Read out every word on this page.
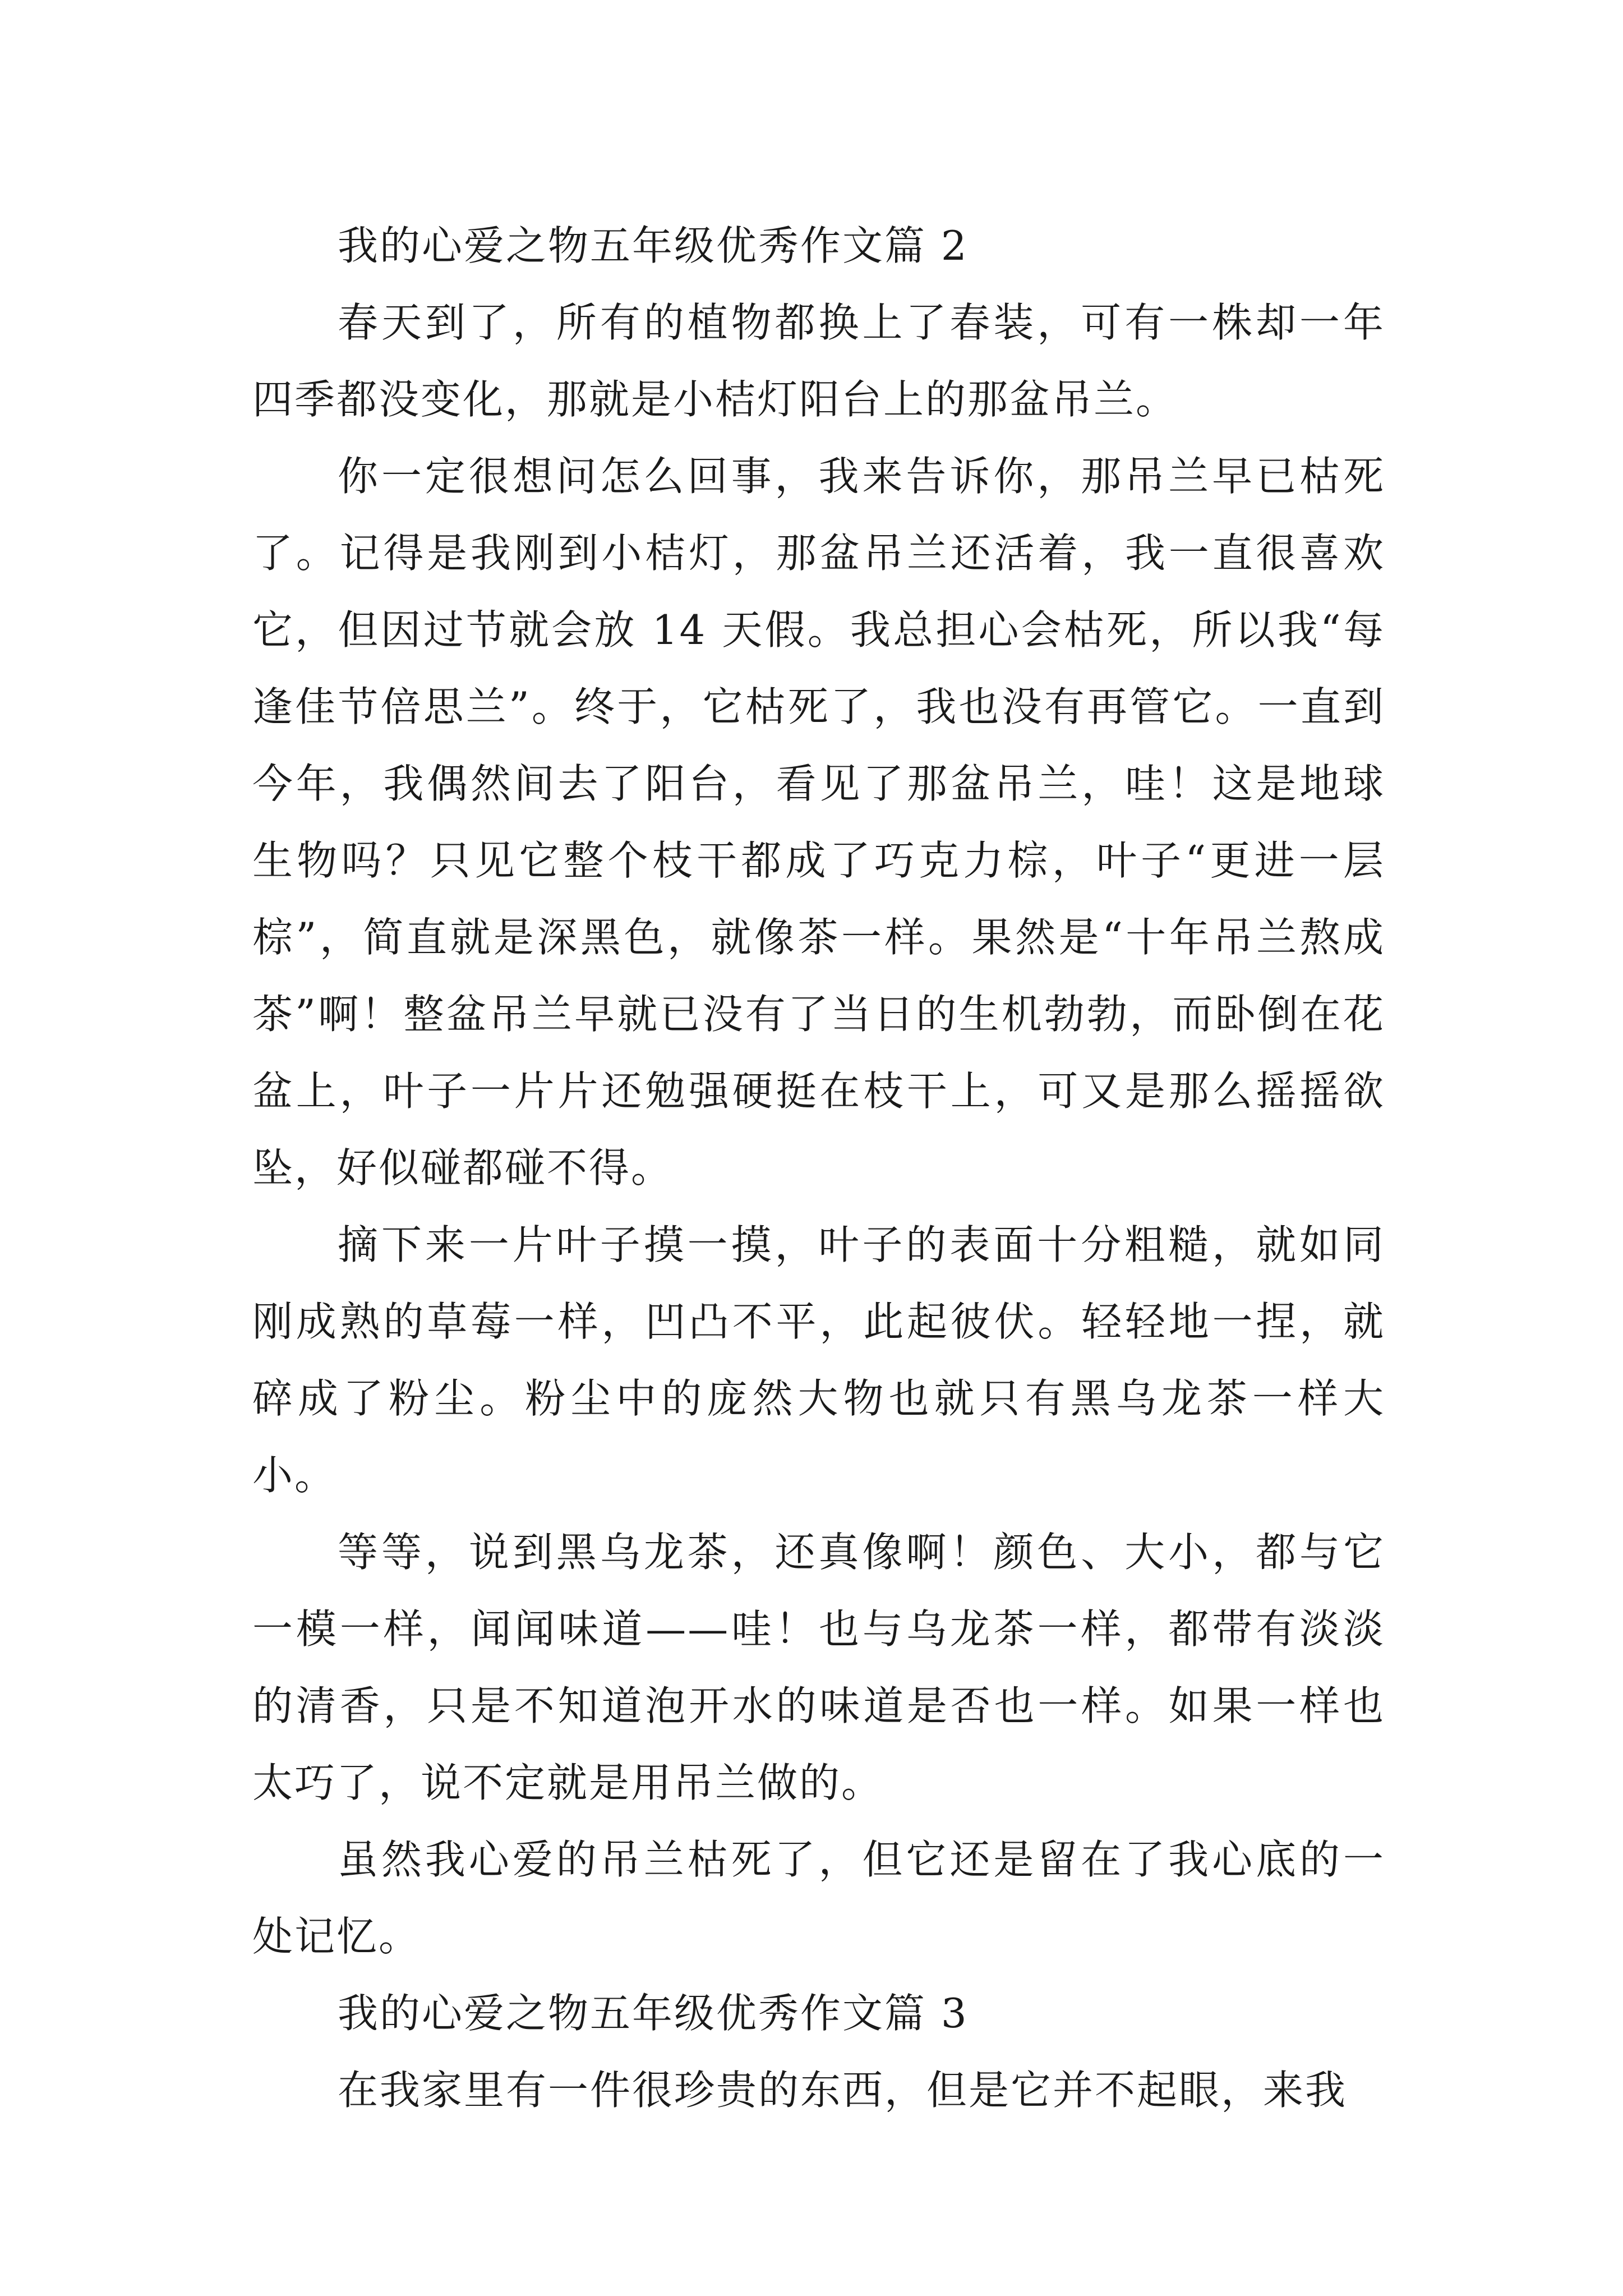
我的心爱之物五年级优秀作文篇 2

春天到了，所有的植物都换上了春装，可有一株却一年四季都没变化，那就是小桔灯阳台上的那盆吊兰。

你一定很想问怎么回事，我来告诉你，那吊兰早已枯死了。记得是我刚到小桔灯，那盆吊兰还活着，我一直很喜欢它，但因过节就会放 14 天假。我总担心会枯死，所以我“每逢佳节倍思兰”。终于，它枯死了，我也没有再管它。一直到今年，我偶然间去了阳台，看见了那盆吊兰，哇！这是地球生物吗？只见它整个枝干都成了巧克力棕，叶子“更进一层棕”，简直就是深黑色，就像茶一样。果然是“十年吊兰熬成茶”啊！整盆吊兰早就已没有了当日的生机勃勃，而卧倒在花盆上，叶子一片片还勉强硬挺在枝干上，可又是那么摇摇欲坠，好似碰都碰不得。

摘下来一片叶子摸一摸，叶子的表面十分粗糙，就如同刚成熟的草莓一样，凹凸不平，此起彼伏。轻轻地一捏，就碎成了粉尘。粉尘中的庞然大物也就只有黑乌龙茶一样大小。

等等，说到黑乌龙茶，还真像啊！颜色、大小，都与它一模一样，闻闻味道——哇！也与乌龙茶一样，都带有淡淡的清香，只是不知道泡开水的味道是否也一样。如果一样也太巧了，说不定就是用吊兰做的。

虽然我心爱的吊兰枯死了，但它还是留在了我心底的一处记忆。

我的心爱之物五年级优秀作文篇 3

在我家里有一件很珍贵的东西，但是它并不起眼，来我
